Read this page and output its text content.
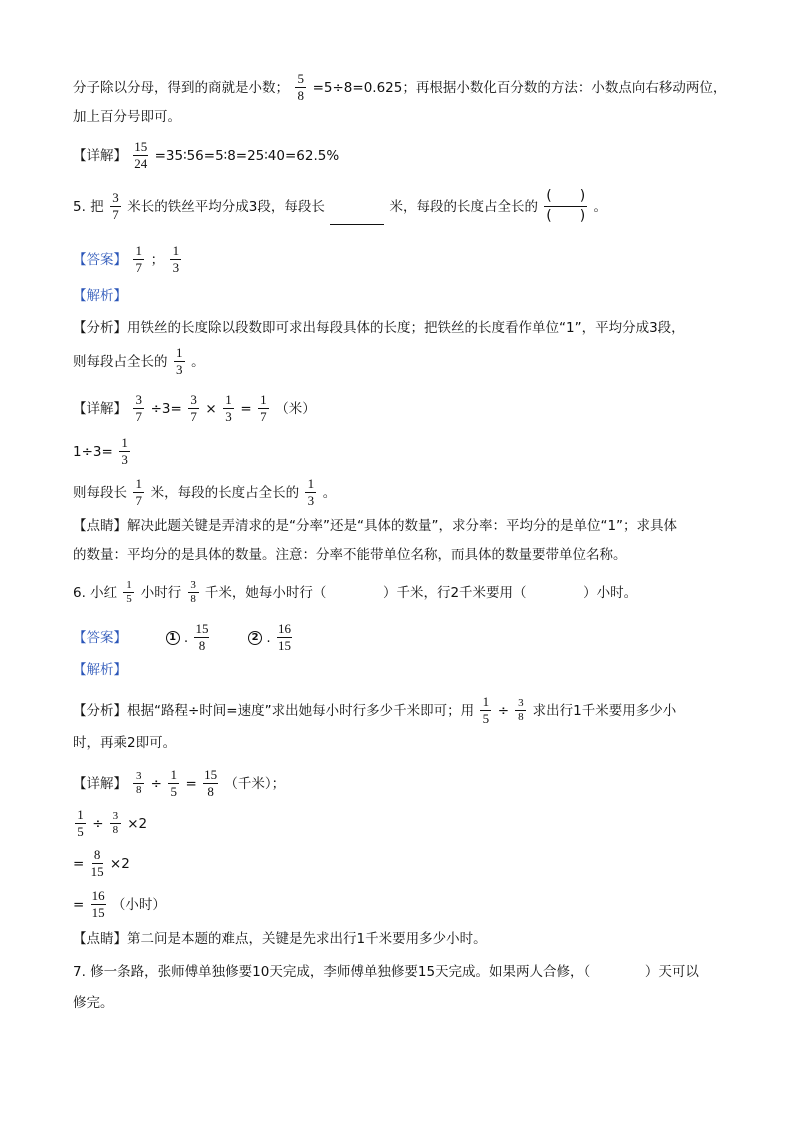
分子除以分母，得到的商就是小数； $\frac{5}{8} =5\div 8=0.625$；再根据小数化百分数的方法：小数点向右移动两位，
加上百分号即可。
【详解】 $\frac{15}{24}$ =35∶56=5∶8=25∶40=62.5%
5. 把 $\frac{3}{7}$ 米长的铁丝平均分成3段，每段长	米，每段的长度占全长的 $\frac{( )}{( )}$ 。
【答案】 $\frac{1}{7}$ ； $\frac{1}{3}$
【解析】
【分析】用铁丝的长度除以段数即可求出每段具体的长度；把铁丝的长度看作单位“1”，平均分成3段，
则每段占全长的 $\frac{1}{3}$ 。
【详解】 $\frac{3}{7} \div 3= \frac{3}{7} \times \frac{1}{3} = \frac{1}{7}$ （米）
$1\div 3= \frac{1}{3}$
则每段长 $\frac{1}{7}$ 米，每段的长度占全长的 $\frac{1}{3}$ 。
【点睛】解决此题关键是弄清求的是“分率”还是“具体的数量”，求分率：平均分的是单位“1”；求具体
的数量：平均分的是具体的数量。注意：分率不能带单位名称，而具体的数量要带单位名称。
6. 小红 $\frac{1}{5}$ 小时行 $\frac{3}{8}$ 千米，她每小时行（	）千米，行2千米要用（	）小时。
【答案】	1 . $\frac{15}{8}$	2 . $\frac{16}{15}$
【解析】
【分析】根据“路程÷时间=速度”求出她每小时行多少千米即可；用 $\frac{1}{5} \div \frac{3}{8}$ 求出行1千米要用多少小
时，再乘2即可。
【详解】 $\frac{3}{8} \div \frac{1}{5} = \frac{15}{8}$ （千米）；
$\frac{1}{5} \div \frac{3}{8} \times 2$
= $\frac{8}{15} \times 2$
= $\frac{16}{15}$ （小时）
【点睛】第二问是本题的难点，关键是先求出行1千米要用多少小时。
7. 修一条路，张师傅单独修要10天完成，李师傅单独修要15天完成。如果两人合修，（	）天可以
修完。
